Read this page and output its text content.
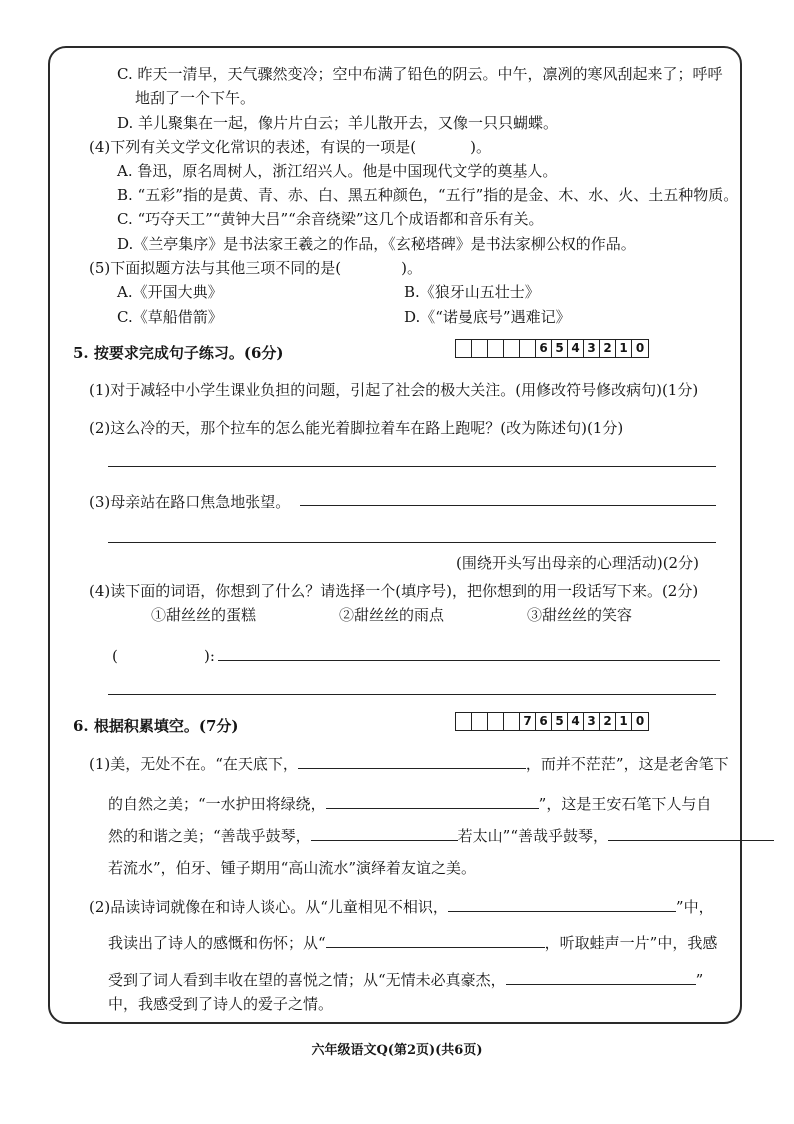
C. 昨天一清早，天气骤然变冷；空中布满了铅色的阴云。中午，凛冽的寒风刮起来了；呼呼
地刮了一个下午。
D. 羊儿聚集在一起，像片片白云；羊儿散开去，又像一只只蝴蝶。
(4)下列有关文学文化常识的表述，有误的一项是(	)。
A. 鲁迅，原名周树人，浙江绍兴人。他是中国现代文学的奠基人。
B. “五彩”指的是黄、青、赤、白、黑五种颜色，“五行”指的是金、木、水、火、土五种物质。
C. “巧夺天工”“黄钟大吕”“余音绕梁”这几个成语都和音乐有关。
D.《兰亭集序》是书法家王羲之的作品，《玄秘塔碑》是书法家柳公权的作品。
(5)下面拟题方法与其他三项不同的是(	)。
A.《开国大典》	B.《狼牙山五壮士》
C.《草船借箭》	D.《“诺曼底号”遇难记》
5. 按要求完成句子练习。(6分)	6 5 4 3 2 1 0
(1)对于减轻中小学生课业负担的问题，引起了社会的极大关注。(用修改符号修改病句)(1分)
(2)这么冷的天，那个拉车的怎么能光着脚拉着车在路上跑呢？(改为陈述句)(1分)
(3)母亲站在路口焦急地张望。
(围绕开头写出母亲的心理活动)(2分)
(4)读下面的词语，你想到了什么？请选择一个(填序号)，把你想到的用一段话写下来。(2分)
①甜丝丝的蛋糕	②甜丝丝的雨点	③甜丝丝的笑容
(	):
6. 根据积累填空。(7分)	7 6 5 4 3 2 1 0
(1)美，无处不在。“在天底下，	，而并不茫茫”，这是老舍笔下
的自然之美；“一水护田将绿绕，	”，这是王安石笔下人与自
然的和谐之美；“善哉乎鼓琴，	若太山”“善哉乎鼓琴，
若流水”，伯牙、锺子期用“高山流水”演绎着友谊之美。
(2)品读诗词就像在和诗人谈心。从“儿童相见不相识，	”中，
我读出了诗人的感慨和伤怀；从“	，听取蛙声一片”中，我感
受到了词人看到丰收在望的喜悦之情；从“无情未必真豪杰，	”
中，我感受到了诗人的爱子之情。
六年级语文Q(第2页)(共6页)
